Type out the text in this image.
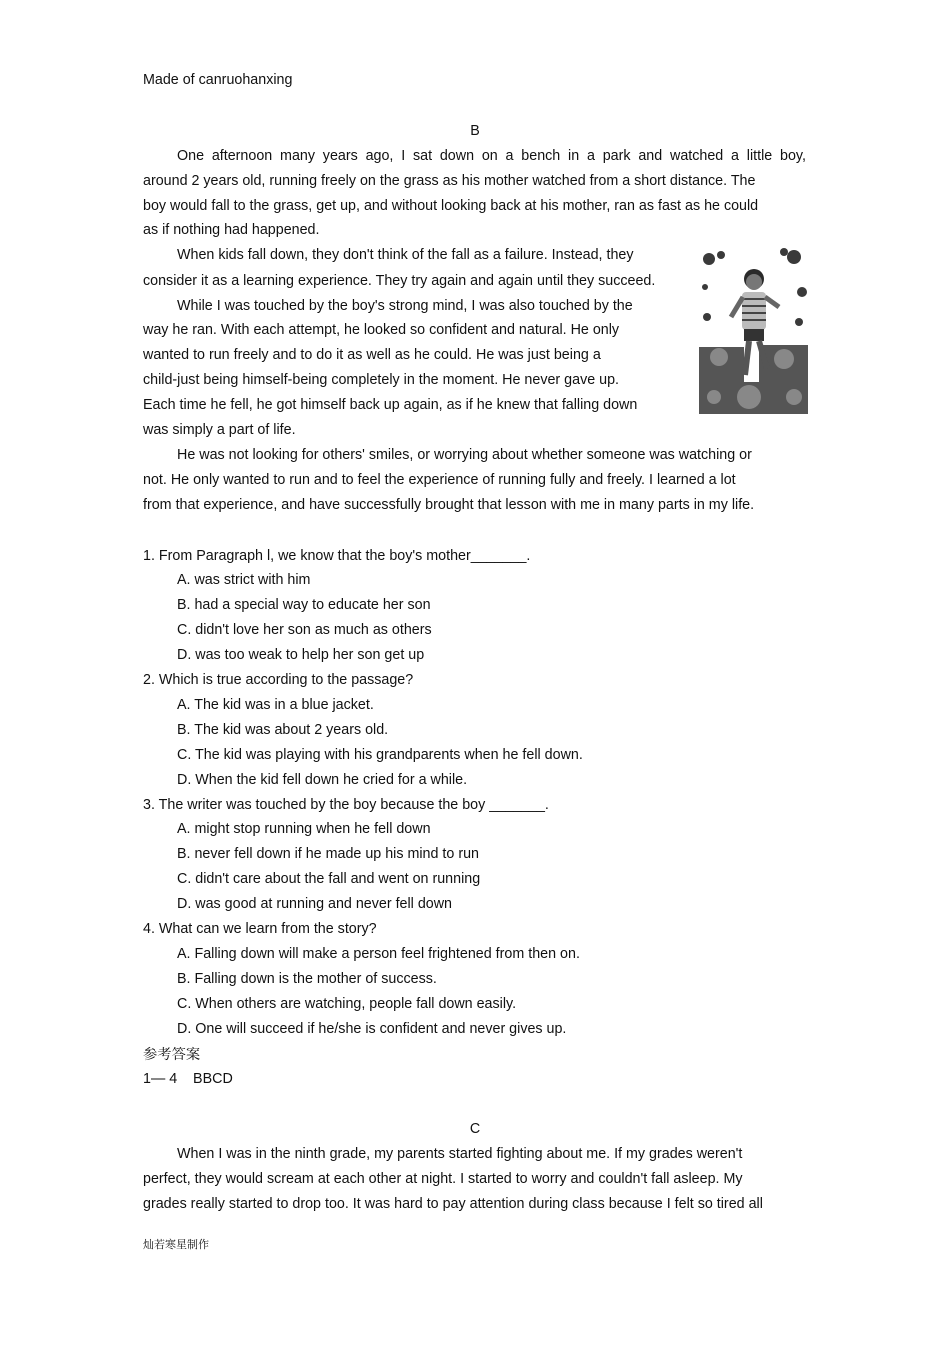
Made of canruohanxing
B
One afternoon many years ago, I sat down on a bench in a park and watched a little boy,
around 2 years old, running freely on the grass as his mother watched from a short distance. The
boy would fall to the grass, get up, and without looking back at his mother, ran as fast as he could
as if nothing had happened.
When kids fall down, they don't think of the fall as a failure. Instead, they
consider it as a learning experience. They try again and again until they succeed.
While I was touched by the boy's strong mind, I was also touched by the
way he ran. With each attempt, he looked so confident and natural. He only
wanted to run freely and to do it as well as he could. He was just being a
child-just being himself-being completely in the moment. He never gave up.
Each time he fell, he got himself back up again, as if he knew that falling down
was simply a part of life.
He was not looking for others' smiles, or worrying about whether someone was watching or
not. He only wanted to run and to feel the experience of running fully and freely. I learned a lot
from that experience, and have successfully brought that lesson with me in many parts in my life.
1. From Paragraph l, we know that the boy's mother_______.
A. was strict with him
B. had a special way to educate her son
C. didn't love her son as much as others
D. was too weak to help her son get up
2. Which is true according to the passage?
A. The kid was in a blue jacket.
B. The kid was about 2 years old.
C. The kid was playing with his grandparents when he fell down.
D. When the kid fell down he cried for a while.
3. The writer was touched by the boy because the boy _______.
A. might stop running when he fell down
B. never fell down if he made up his mind to run
C. didn't care about the fall and went on running
D. was good at running and never fell down
4. What can we learn from the story?
A. Falling down will make a person feel frightened from then on.
B. Falling down is the mother of success.
C. When others are watching, people fall down easily.
D. One will succeed if he/she is confident and never gives up.
参考答案
1— 4    BBCD
C
When I was in the ninth grade, my parents started fighting about me. If my grades weren't
perfect, they would scream at each other at night. I started to worry and couldn't fall asleep. My
grades really started to drop too. It was hard to pay attention during class because I felt so tired all
灿若寒星制作
